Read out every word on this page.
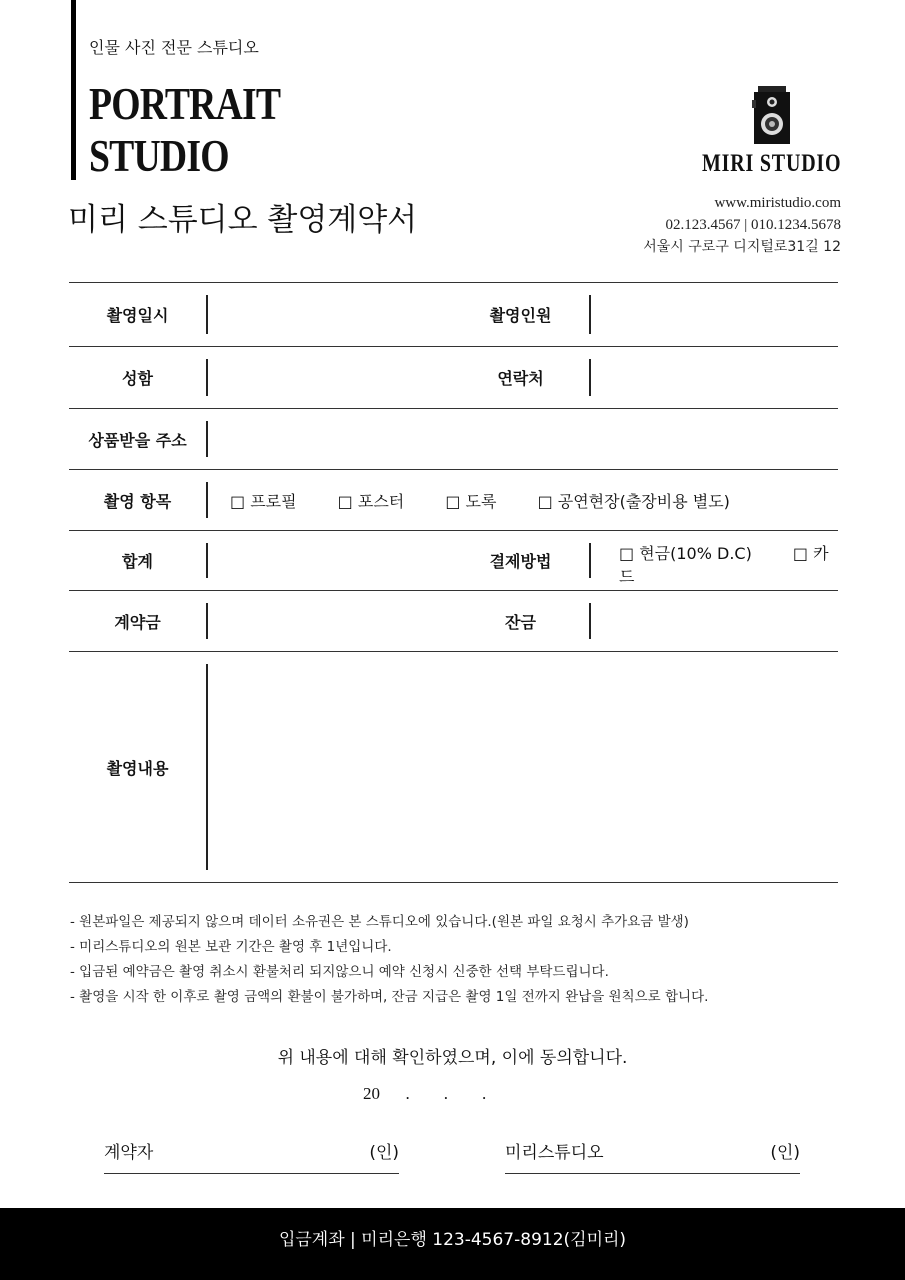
인물 사진 전문 스튜디오
PORTRAIT
STUDIO
미리 스튜디오 촬영계약서
MIRI STUDIO
www.miristudio.com
02.123.4567 | 010.1234.5678
서울시 구로구 디지털로31길 12
촬영일시		촬영인원	
성함		연락처	
상품받을 주소			
촬영 항목	□ 프로필 □ 포스터 □ 도록 □ 공연현장(출장비용 별도)		
합계		결제방법	□ 현금(10% D.C) □ 카드
계약금		잔금	
촬영내용			
- 원본파일은 제공되지 않으며 데이터 소유권은 본 스튜디오에 있습니다.(원본 파일 요청시 추가요금 발생)
- 미리스튜디오의 원본 보관 기간은 촬영 후 1년입니다.
- 입금된 예약금은 촬영 취소시 환불처리 되지않으니 예약 신청시 신중한 선택 부탁드립니다.
- 촬영을 시작 한 이후로 촬영 금액의 환불이 불가하며, 잔금 지급은 촬영 1일 전까지 완납을 원칙으로 합니다.
위 내용에 대해 확인하였으며, 이에 동의합니다.
20      .        .        .
계약자	(인)	미리스튜디오	(인)
입금계좌 | 미리은행 123-4567-8912(김미리)
